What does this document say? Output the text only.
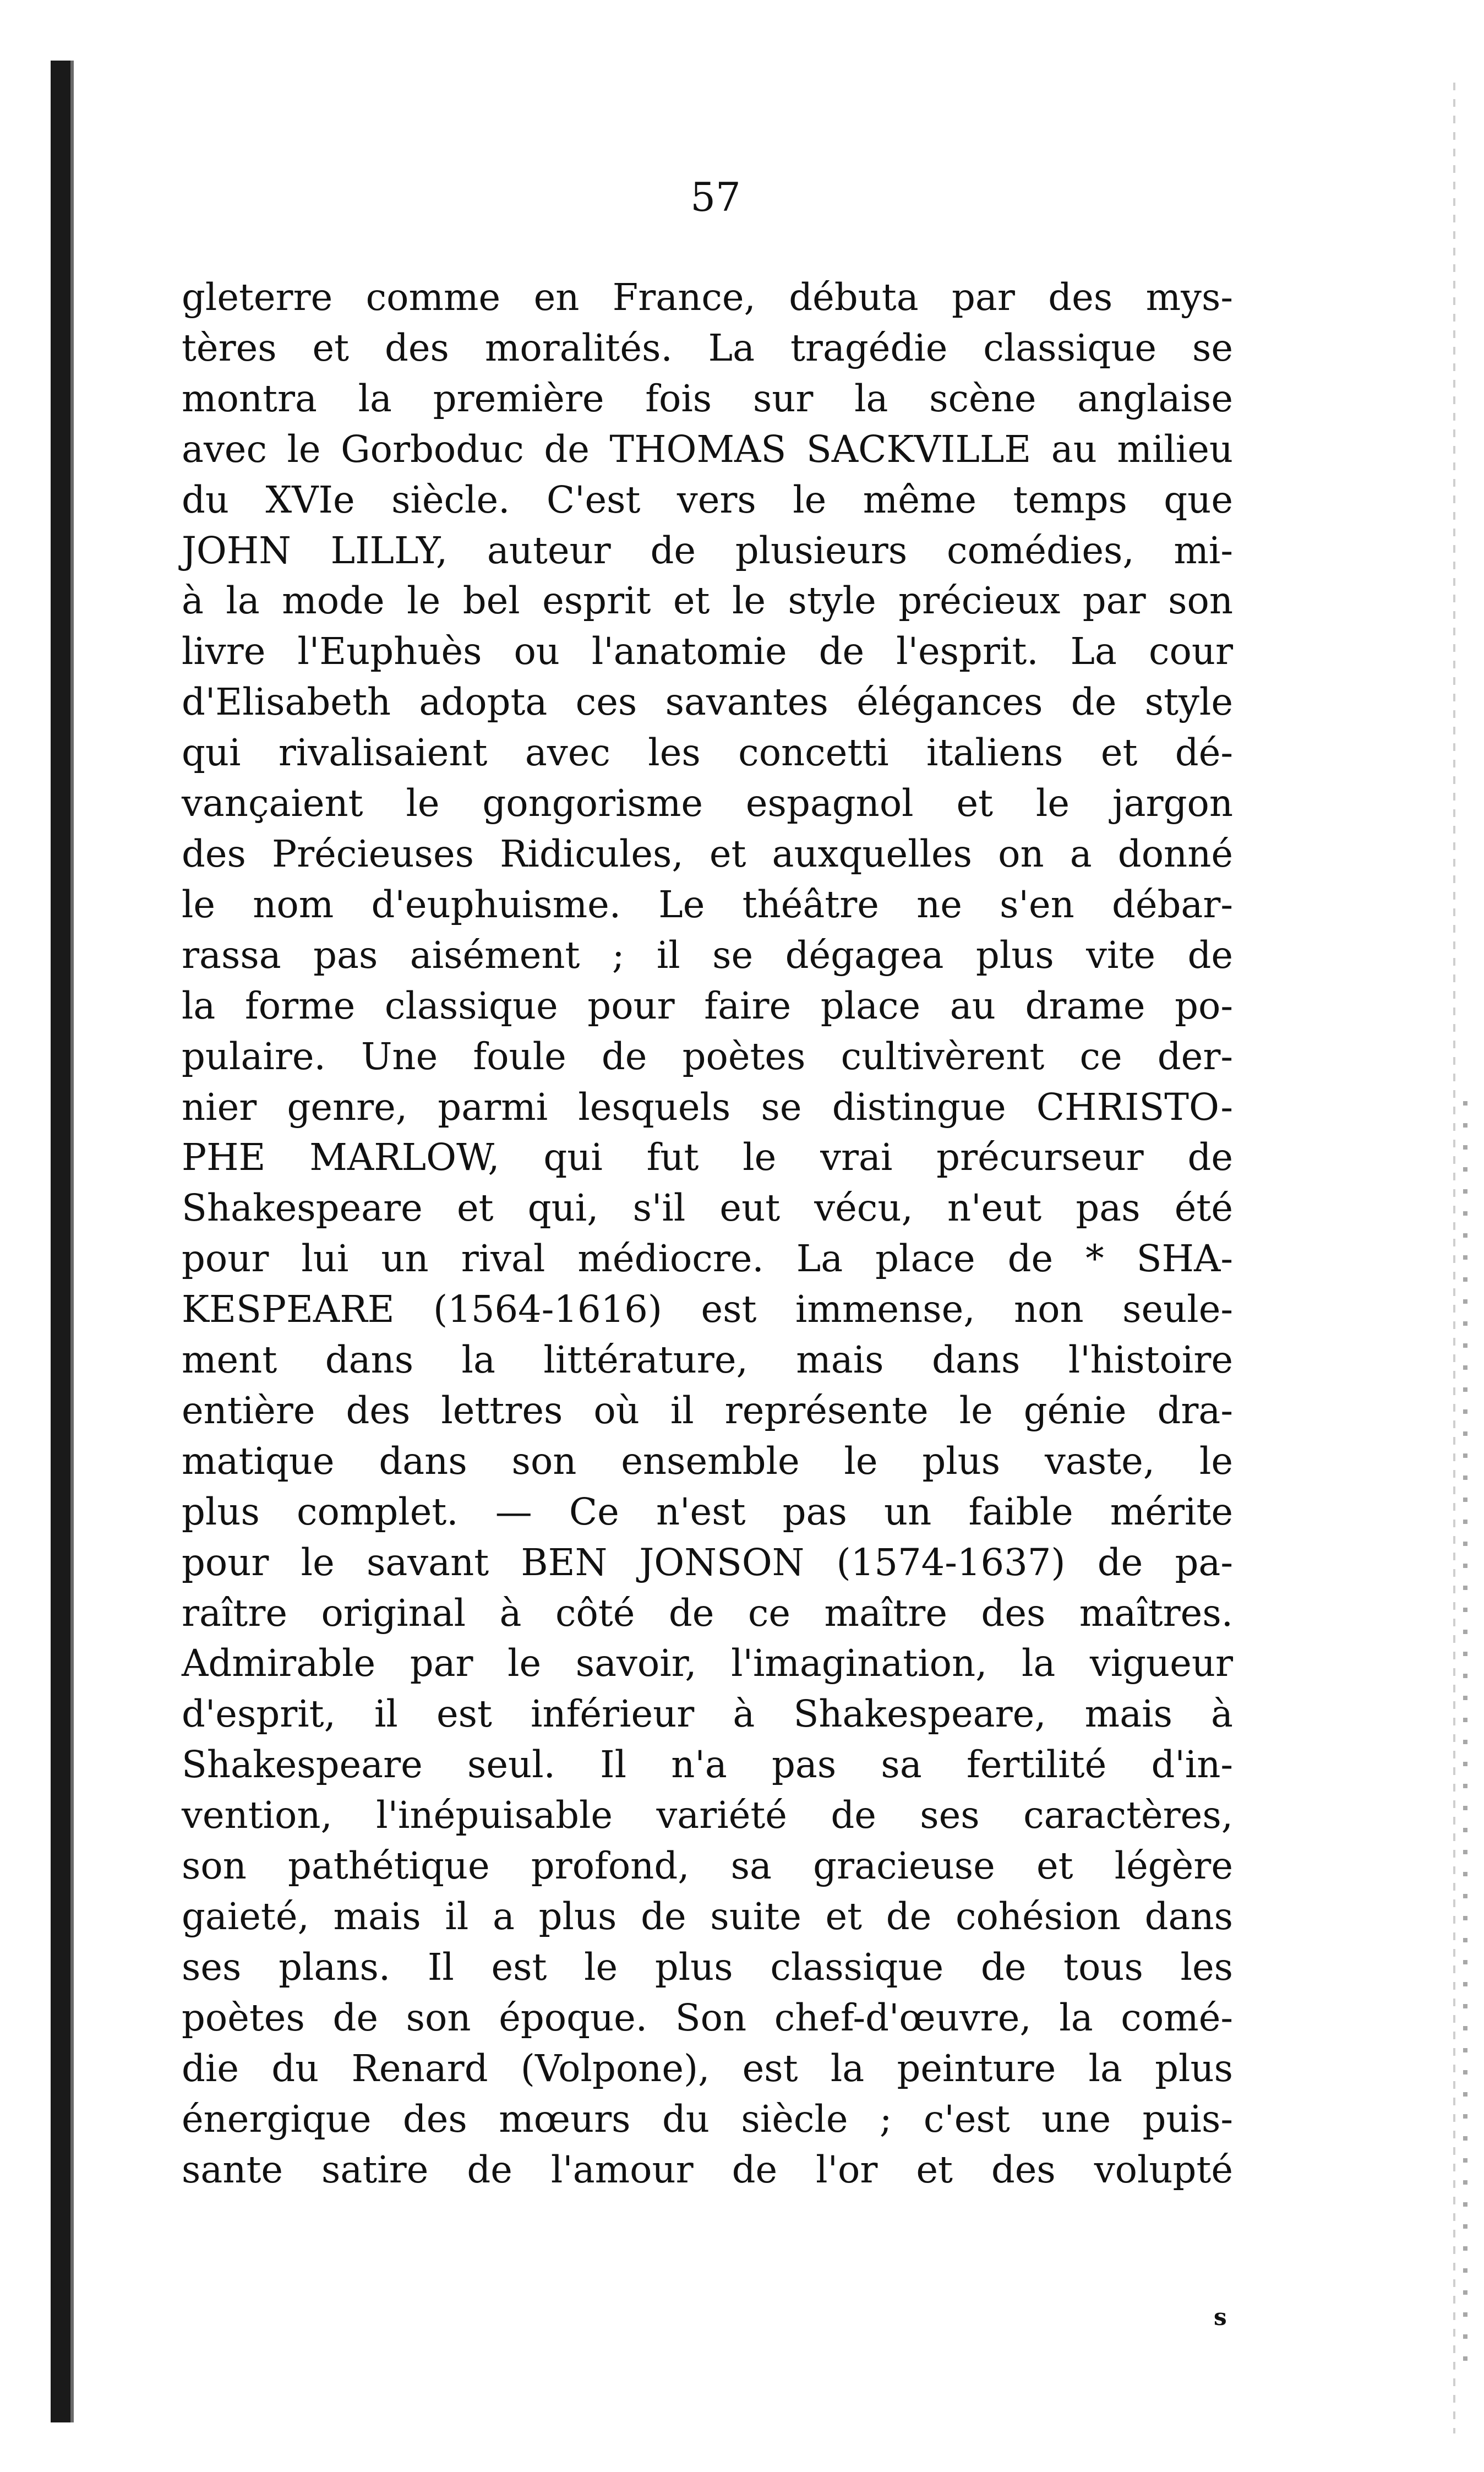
57
gleterre comme en France, débuta par des mys-
tères et des moralités. La tragédie classique se
montra la première fois sur la scène anglaise
avec le Gorboduc de THOMAS SACKVILLE au milieu
du XVIe siècle. C'est vers le même temps que
JOHN LILLY, auteur de plusieurs comédies, mi-
à la mode le bel esprit et le style précieux par son
livre l'Euphuès ou l'anatomie de l'esprit. La cour
d'Elisabeth adopta ces savantes élégances de style
qui rivalisaient avec les concetti italiens et dé-
vançaient le gongorisme espagnol et le jargon
des Précieuses Ridicules, et auxquelles on a donné
le nom d'euphuisme. Le théâtre ne s'en débar-
rassa pas aisément ; il se dégagea plus vite de
la forme classique pour faire place au drame po-
pulaire. Une foule de poètes cultivèrent ce der-
nier genre, parmi lesquels se distingue CHRISTO-
PHE MARLOW, qui fut le vrai précurseur de
Shakespeare et qui, s'il eut vécu, n'eut pas été
pour lui un rival médiocre. La place de * SHA-
KESPEARE (1564-1616) est immense, non seule-
ment dans la littérature, mais dans l'histoire
entière des lettres où il représente le génie dra-
matique dans son ensemble le plus vaste, le
plus complet. — Ce n'est pas un faible mérite
pour le savant BEN JONSON (1574-1637) de pa-
raître original à côté de ce maître des maîtres.
Admirable par le savoir, l'imagination, la vigueur
d'esprit, il est inférieur à Shakespeare, mais à
Shakespeare seul. Il n'a pas sa fertilité d'in-
vention, l'inépuisable variété de ses caractères,
son pathétique profond, sa gracieuse et légère
gaieté, mais il a plus de suite et de cohésion dans
ses plans. Il est le plus classique de tous les
poètes de son époque. Son chef-d'œuvre, la comé-
die du Renard (Volpone), est la peinture la plus
énergique des mœurs du siècle ; c'est une puis-
sante satire de l'amour de l'or et des volupté
s
